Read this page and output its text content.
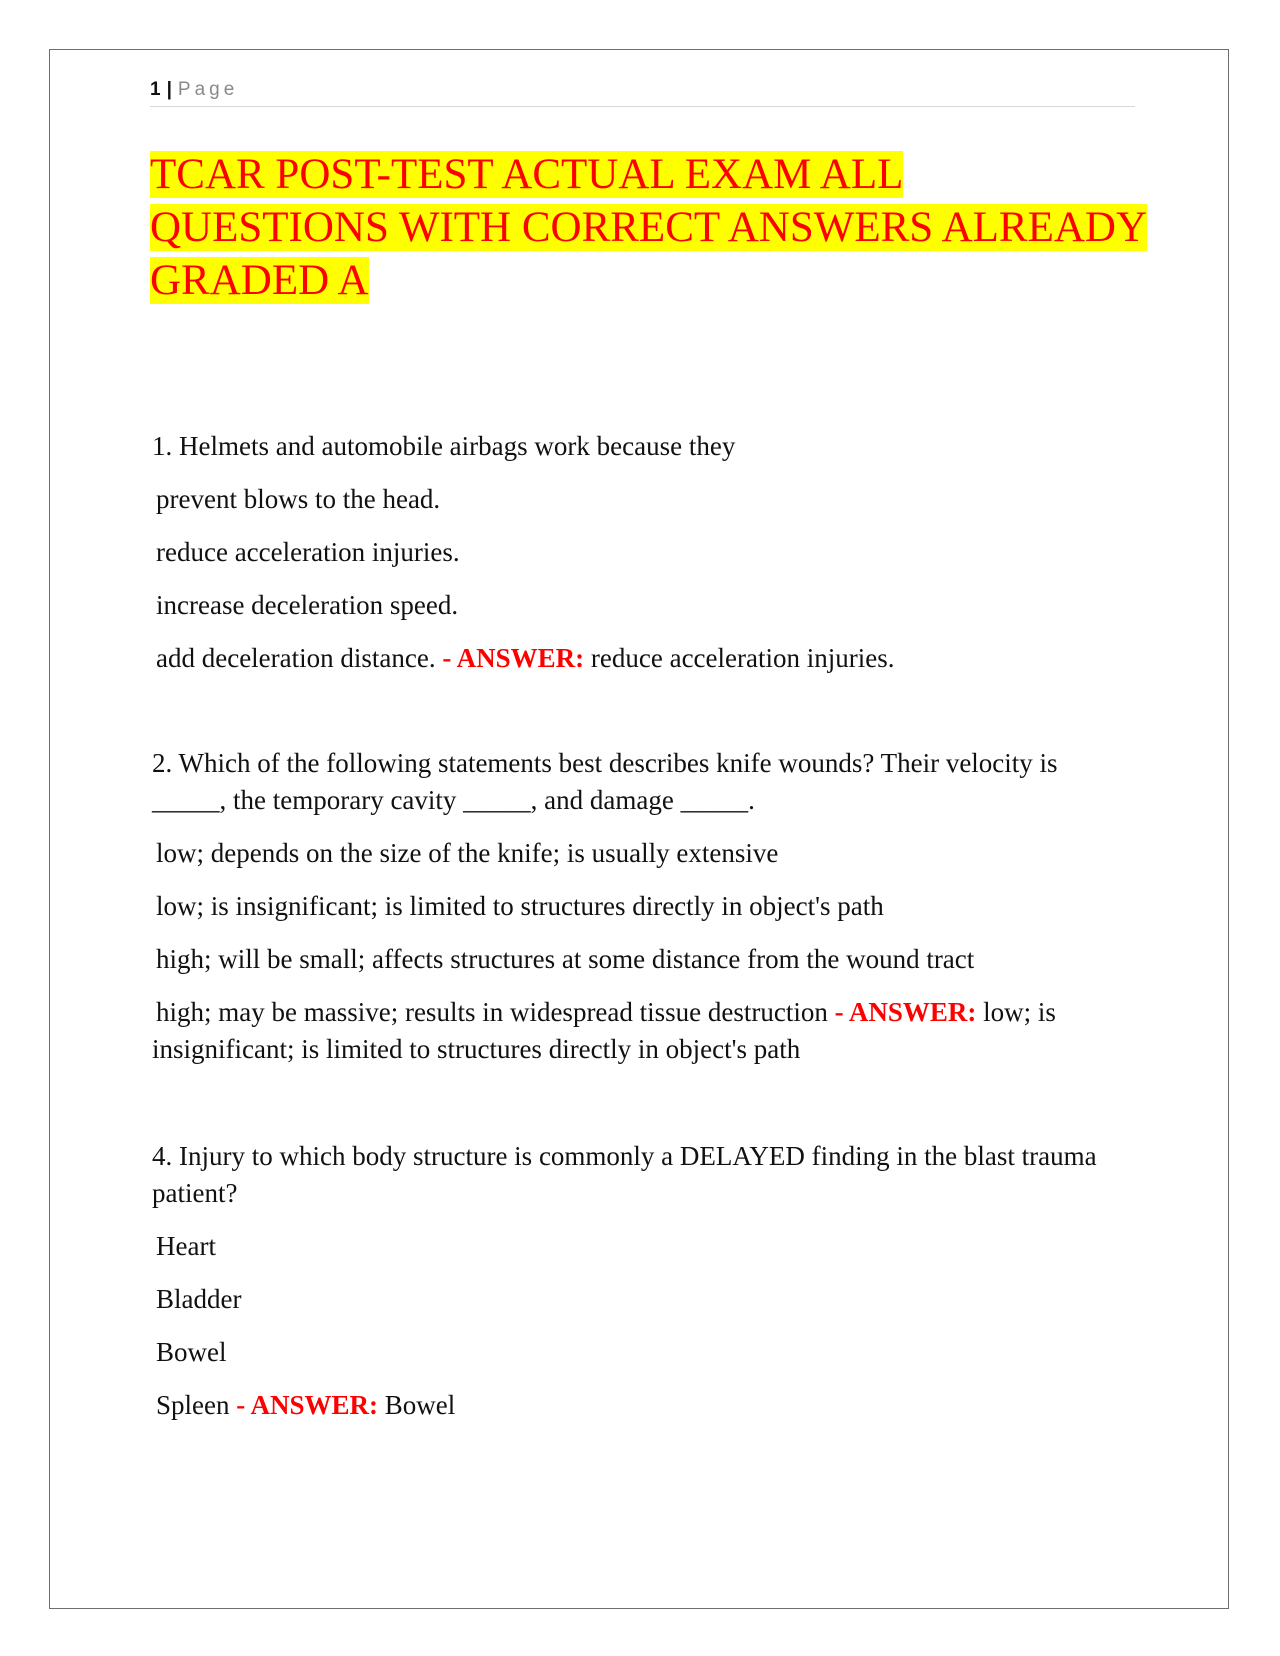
1 | Page
TCAR POST-TEST ACTUAL EXAM ALL
QUESTIONS WITH CORRECT ANSWERS ALREADY
GRADED A

1. Helmets and automobile airbags work because they

prevent blows to the head.

reduce acceleration injuries.

increase deceleration speed.

add deceleration distance. - ANSWER: reduce acceleration injuries.

2. Which of the following statements best describes knife wounds? Their velocity is _____, the temporary cavity _____, and damage _____.

low; depends on the size of the knife; is usually extensive

low; is insignificant; is limited to structures directly in object's path

high; will be small; affects structures at some distance from the wound tract

high; may be massive; results in widespread tissue destruction - ANSWER: low; is insignificant; is limited to structures directly in object's path

4. Injury to which body structure is commonly a DELAYED finding in the blast trauma patient?

Heart

Bladder

Bowel

Spleen - ANSWER: Bowel
